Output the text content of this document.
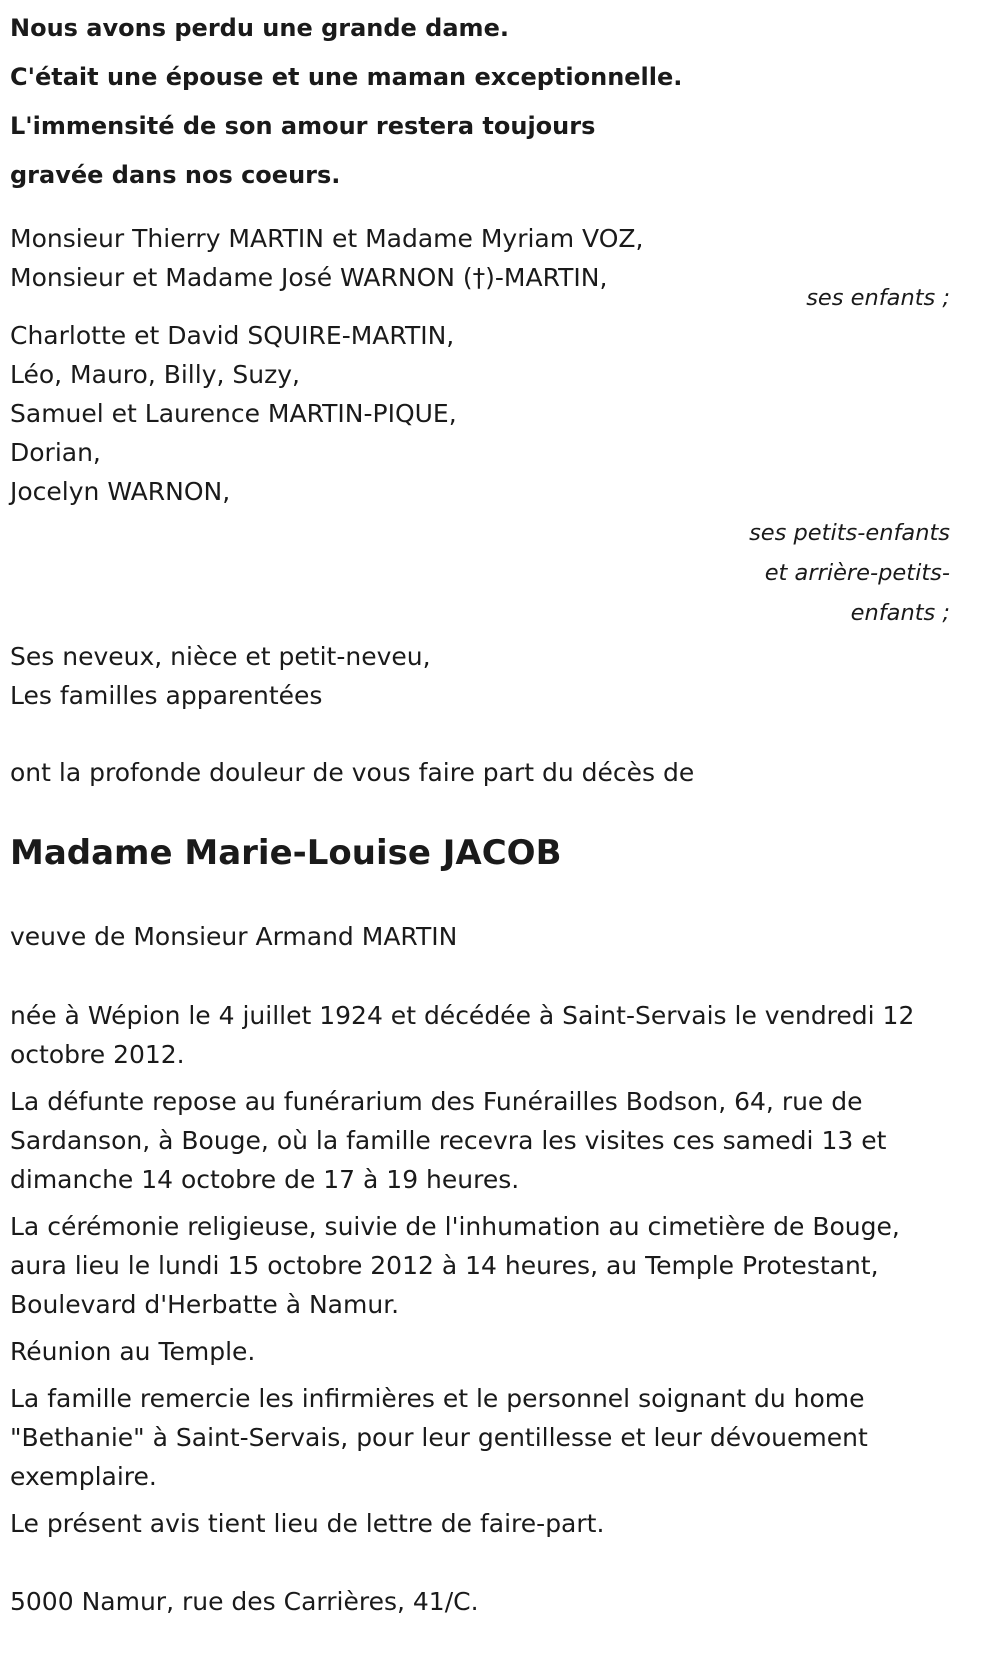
Nous avons perdu une grande dame.
C'était une épouse et une maman exceptionnelle.
L'immensité de son amour restera toujours
gravée dans nos coeurs.
Monsieur Thierry MARTIN et Madame Myriam VOZ,
Monsieur et Madame José WARNON (†)-MARTIN,
ses enfants ;
Charlotte et David SQUIRE-MARTIN,
Léo, Mauro, Billy, Suzy,
Samuel et Laurence MARTIN-PIQUE,
Dorian,
Jocelyn WARNON,
ses petits-enfants
et arrière-petits-
enfants ;
Ses neveux, nièce et petit-neveu,
Les familles apparentées
ont la profonde douleur de vous faire part du décès de
Madame Marie-Louise JACOB
veuve de Monsieur Armand MARTIN
née à Wépion le 4 juillet 1924 et décédée à Saint-Servais le vendredi 12
octobre 2012.
La défunte repose au funérarium des Funérailles Bodson, 64, rue de
Sardanson, à Bouge, où la famille recevra les visites ces samedi 13 et
dimanche 14 octobre de 17 à 19 heures.
La cérémonie religieuse, suivie de l'inhumation au cimetière de Bouge,
aura lieu le lundi 15 octobre 2012 à 14 heures, au Temple Protestant,
Boulevard d'Herbatte à Namur.
Réunion au Temple.
La famille remercie les infirmières et le personnel soignant du home
"Bethanie" à Saint-Servais, pour leur gentillesse et leur dévouement
exemplaire.
Le présent avis tient lieu de lettre de faire-part.
5000 Namur, rue des Carrières, 41/C.
